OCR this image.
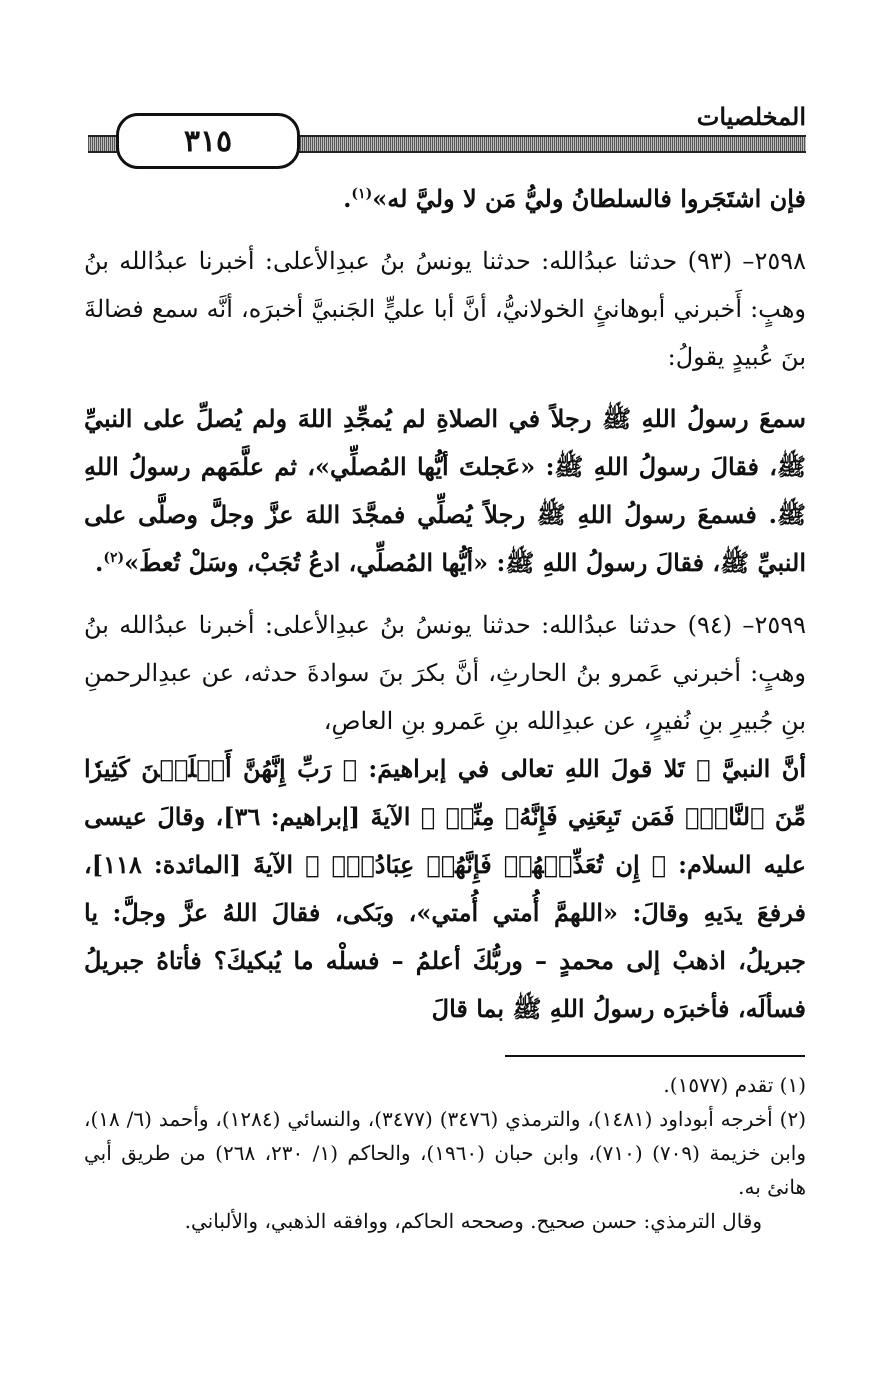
٣١٥
المخلصيات

فإن اشتَجَروا فالسلطانُ وليُّ مَن لا وليَّ له»$^{(١)}$.

٢٥٩٨– (٩٣) حدثنا عبدُالله: حدثنا يونسُ بنُ عبدِالأعلى: أخبرنا عبدُالله بنُ وهبٍ: أَخبرني أبوهانئٍ الخولانيُّ، أنَّ أبا عليٍّ الجَنبيَّ أخبرَه، أنَّه سمع فضالةَ بنَ عُبيدٍ يقولُ:

سمعَ رسولُ اللهِ ﷺ رجلاً في الصلاةِ لم يُمجِّدِ اللهَ ولم يُصلِّ على النبيِّ ﷺ، فقالَ رسولُ اللهِ ﷺ: «عَجلتَ أيُّها المُصلِّي»، ثم علَّمَهم رسولُ اللهِ ﷺ. فسمعَ رسولُ اللهِ ﷺ رجلاً يُصلِّي فمجَّدَ اللهَ عزَّ وجلَّ وصلَّى على النبيِّ ﷺ، فقالَ رسولُ اللهِ ﷺ: «أيُّها المُصلِّي، ادعُ تُجَبْ، وسَلْ تُعطَ»$^{(٢)}$.

٢٥٩٩– (٩٤) حدثنا عبدُالله: حدثنا يونسُ بنُ عبدِالأعلى: أخبرنا عبدُالله بنُ وهبٍ: أخبرني عَمرو بنُ الحارثِ، أنَّ بكرَ بنَ سوادةَ حدثه، عن عبدِالرحمنِ بنِ جُبيرِ بنِ نُفيرٍ، عن عبدِالله بنِ عَمرو بنِ العاصِ،

أنَّ النبيَّ ﷺ تَلا قولَ اللهِ تعالى في إبراهيمَ: ﴿ رَبِّ إِنَّهُنَّ أَضۡلَلۡنَ كَثِيرٗا مِّنَ ٱلنَّاسِۖ فَمَن تَبِعَنِي فَإِنَّهُۥ مِنِّيۖ ﴾ الآيةَ [إبراهيم: ٣٦]، وقالَ عيسى عليه السلام: ﴿ إِن تُعَذِّبۡهُمۡ فَإِنَّهُمۡ عِبَادُكَۖ ﴾ الآيةَ [المائدة: ١١٨]، فرفعَ يدَيهِ وقالَ: «اللهمَّ أُمتي أُمتي»، وبَكى، فقالَ اللهُ عزَّ وجلَّ: يا جبريلُ، اذهبْ إلى محمدٍ – وربُّكَ أعلمُ – فسلْه ما يُبكيكَ؟ فأتاهُ جبريلُ فسألَه، فأخبرَه رسولُ اللهِ ﷺ بما قالَ

(١) تقدم (١٥٧٧).

(٢) أخرجه أبوداود (١٤٨١)، والترمذي (٣٤٧٦) (٣٤٧٧)، والنسائي (١٢٨٤)، وأحمد (٦/ ١٨)، وابن خزيمة (٧٠٩) (٧١٠)، وابن حبان (١٩٦٠)، والحاكم (١/ ٢٣٠، ٢٦٨) من طريق أبي هانئ به.

وقال الترمذي: حسن صحيح. وصححه الحاكم، ووافقه الذهبي، والألباني.
